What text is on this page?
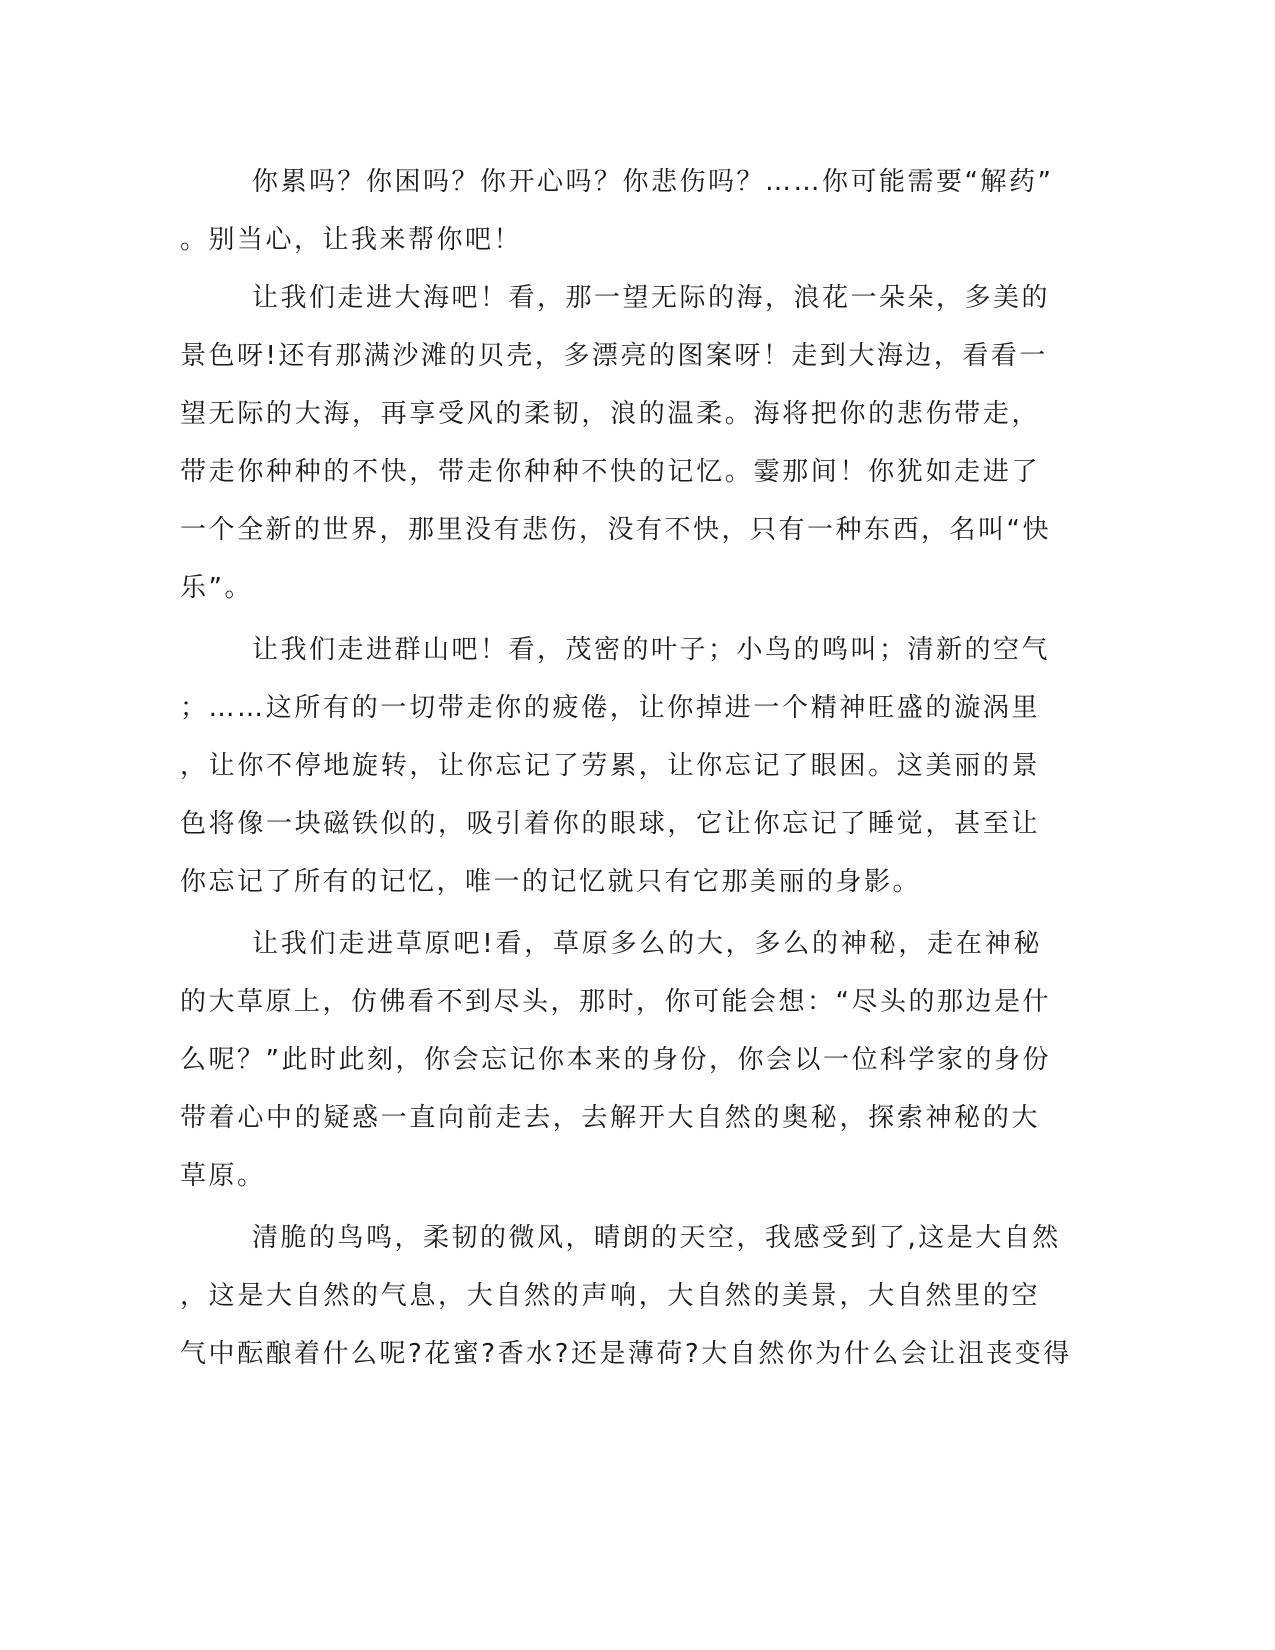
你累吗？你困吗？你开心吗？你悲伤吗？……你可能需要“解药”
。别当心，让我来帮你吧！
让我们走进大海吧！看，那一望无际的海，浪花一朵朵，多美的
景色呀!还有那满沙滩的贝壳，多漂亮的图案呀！走到大海边，看看一
望无际的大海，再享受风的柔韧，浪的温柔。海将把你的悲伤带走，
带走你种种的不快，带走你种种不快的记忆。霎那间！你犹如走进了
一个全新的世界，那里没有悲伤，没有不快，只有一种东西，名叫“快
乐”。
让我们走进群山吧！看，茂密的叶子；小鸟的鸣叫；清新的空气
；……这所有的一切带走你的疲倦，让你掉进一个精神旺盛的漩涡里
，让你不停地旋转，让你忘记了劳累，让你忘记了眼困。这美丽的景
色将像一块磁铁似的，吸引着你的眼球，它让你忘记了睡觉，甚至让
你忘记了所有的记忆，唯一的记忆就只有它那美丽的身影。
让我们走进草原吧!看，草原多么的大，多么的神秘，走在神秘
的大草原上，仿佛看不到尽头，那时，你可能会想：“尽头的那边是什
么呢？”此时此刻，你会忘记你本来的身份，你会以一位科学家的身份
带着心中的疑惑一直向前走去，去解开大自然的奥秘，探索神秘的大
草原。
清脆的鸟鸣，柔韧的微风，晴朗的天空，我感受到了,这是大自然
，这是大自然的气息，大自然的声响，大自然的美景，大自然里的空
气中酝酿着什么呢?花蜜?香水?还是薄荷?大自然你为什么会让沮丧变得
